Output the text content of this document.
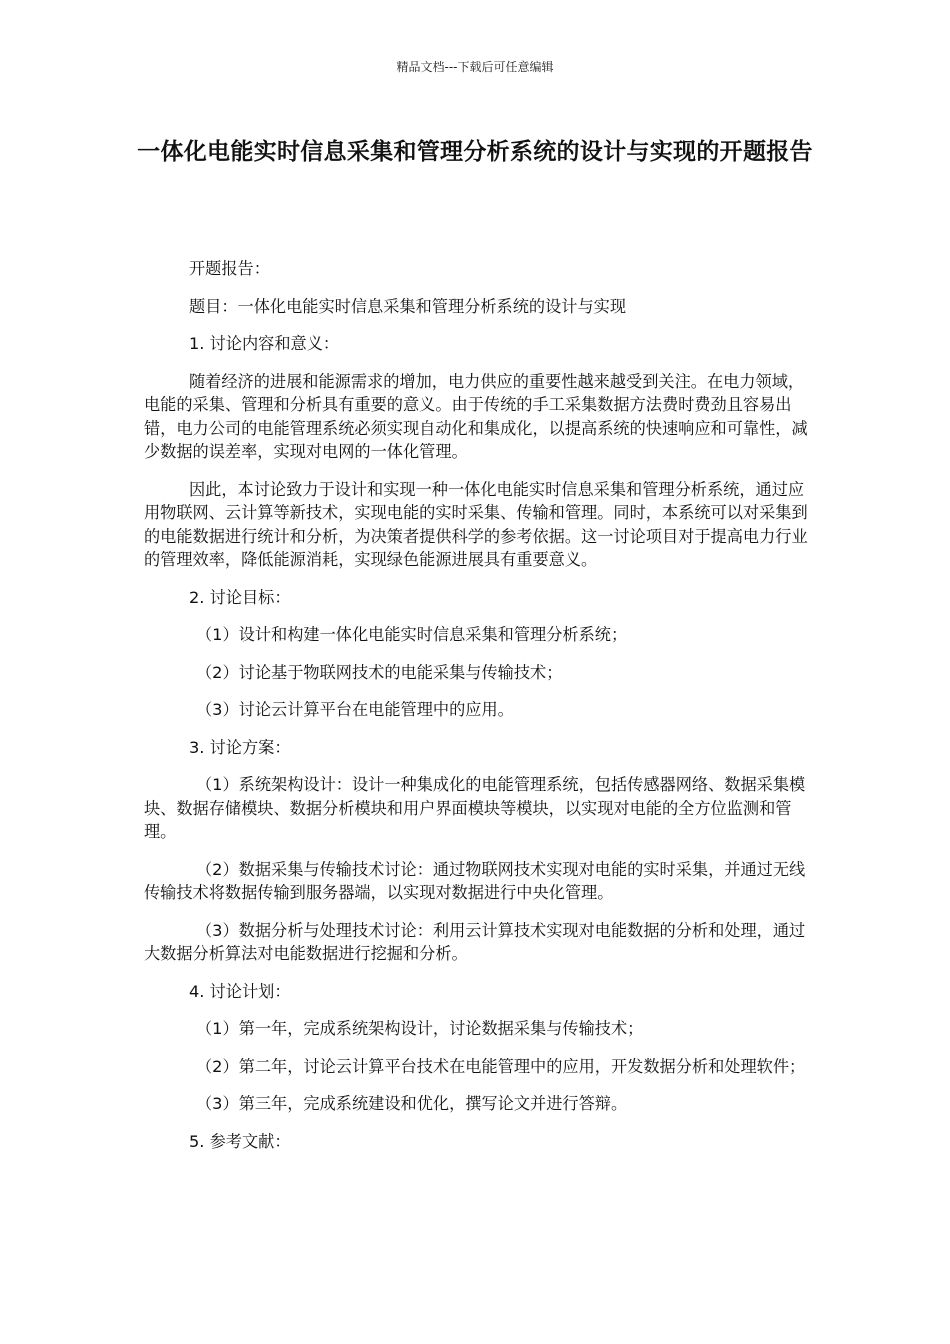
精品文档---下载后可任意编辑
一体化电能实时信息采集和管理分析系统的设计与实现的开题报告

开题报告：

题目：一体化电能实时信息采集和管理分析系统的设计与实现

1. 讨论内容和意义：

随着经济的进展和能源需求的增加，电力供应的重要性越来越受到关注。在电力领域，电能的采集、管理和分析具有重要的意义。由于传统的手工采集数据方法费时费劲且容易出错，电力公司的电能管理系统必须实现自动化和集成化，以提高系统的快速响应和可靠性，减少数据的误差率，实现对电网的一体化管理。

因此，本讨论致力于设计和实现一种一体化电能实时信息采集和管理分析系统，通过应用物联网、云计算等新技术，实现电能的实时采集、传输和管理。同时，本系统可以对采集到的电能数据进行统计和分析，为决策者提供科学的参考依据。这一讨论项目对于提高电力行业的管理效率，降低能源消耗，实现绿色能源进展具有重要意义。

2. 讨论目标：

（1）设计和构建一体化电能实时信息采集和管理分析系统；

（2）讨论基于物联网技术的电能采集与传输技术；

（3）讨论云计算平台在电能管理中的应用。

3. 讨论方案：

（1）系统架构设计：设计一种集成化的电能管理系统，包括传感器网络、数据采集模块、数据存储模块、数据分析模块和用户界面模块等模块，以实现对电能的全方位监测和管理。

（2）数据采集与传输技术讨论：通过物联网技术实现对电能的实时采集，并通过无线传输技术将数据传输到服务器端，以实现对数据进行中央化管理。

（3）数据分析与处理技术讨论：利用云计算技术实现对电能数据的分析和处理，通过大数据分析算法对电能数据进行挖掘和分析。

4. 讨论计划：

（1）第一年，完成系统架构设计，讨论数据采集与传输技术；

（2）第二年，讨论云计算平台技术在电能管理中的应用，开发数据分析和处理软件；

（3）第三年，完成系统建设和优化，撰写论文并进行答辩。

5. 参考文献：
